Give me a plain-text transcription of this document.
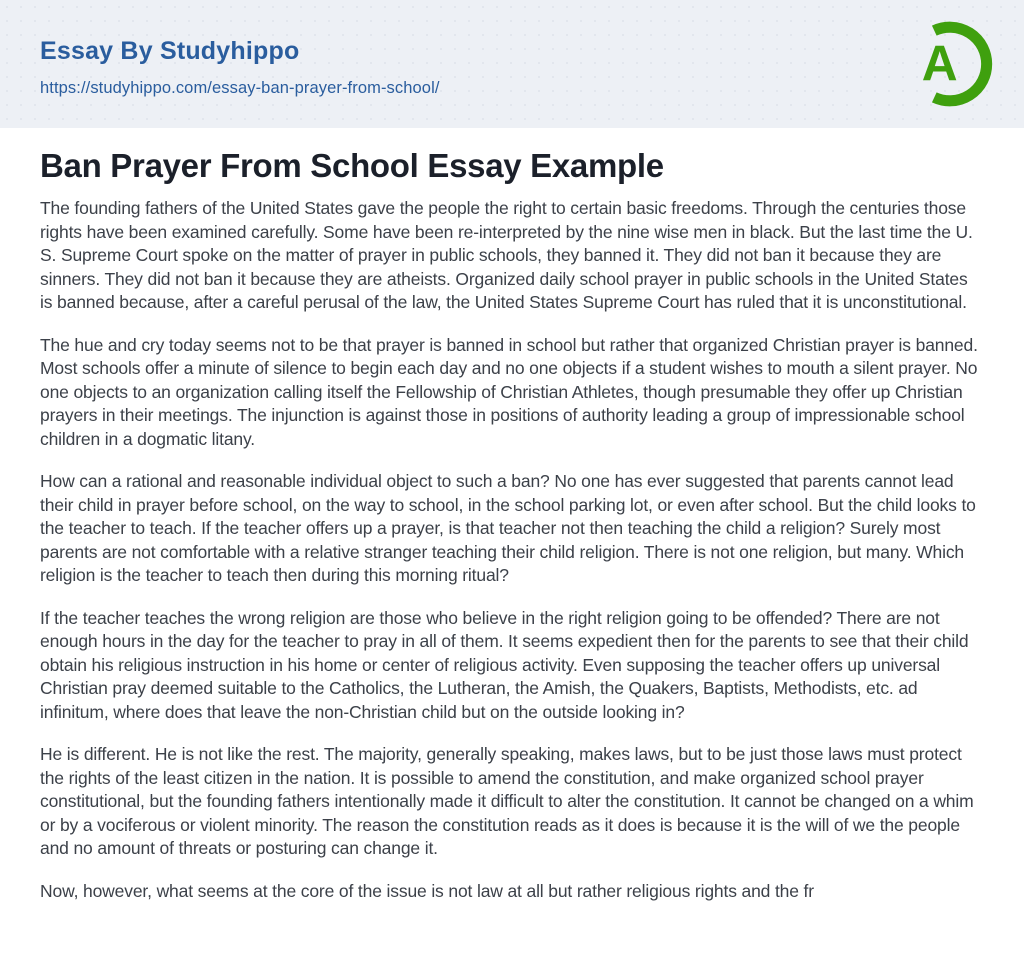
Essay By Studyhippo
https://studyhippo.com/essay-ban-prayer-from-school/	A
Ban Prayer From School Essay Example

The founding fathers of the United States gave the people the right to certain basic freedoms. Through the centuries those rights have been examined carefully. Some have been re-interpreted by the nine wise men in black. But the last time the U. S. Supreme Court spoke on the matter of prayer in public schools, they banned it. They did not ban it because they are sinners. They did not ban it because they are atheists. Organized daily school prayer in public schools in the United States is banned because, after a careful perusal of the law, the United States Supreme Court has ruled that it is unconstitutional.

The hue and cry today seems not to be that prayer is banned in school but rather that organized Christian prayer is banned. Most schools offer a minute of silence to begin each day and no one objects if a student wishes to mouth a silent prayer. No one objects to an organization calling itself the Fellowship of Christian Athletes, though presumable they offer up Christian prayers in their meetings. The injunction is against those in positions of authority leading a group of impressionable school children in a dogmatic litany.

How can a rational and reasonable individual object to such a ban? No one has ever suggested that parents cannot lead their child in prayer before school, on the way to school, in the school parking lot, or even after school. But the child looks to the teacher to teach. If the teacher offers up a prayer, is that teacher not then teaching the child a religion? Surely most parents are not comfortable with a relative stranger teaching their child religion. There is not one religion, but many. Which religion is the teacher to teach then during this morning ritual?

If the teacher teaches the wrong religion are those who believe in the right religion going to be offended? There are not enough hours in the day for the teacher to pray in all of them. It seems expedient then for the parents to see that their child obtain his religious instruction in his home or center of religious activity. Even supposing the teacher offers up universal Christian pray deemed suitable to the Catholics, the Lutheran, the Amish, the Quakers, Baptists, Methodists, etc. ad infinitum, where does that leave the non-Christian child but on the outside looking in?

He is different. He is not like the rest. The majority, generally speaking, makes laws, but to be just those laws must protect the rights of the least citizen in the nation. It is possible to amend the constitution, and make organized school prayer constitutional, but the founding fathers intentionally made it difficult to alter the constitution. It cannot be changed on a whim or by a vociferous or violent minority. The reason the constitution reads as it does is because it is the will of we the people and no amount of threats or posturing can change it.

Now, however, what seems at the core of the issue is not law at all but rather religious rights and the fr
